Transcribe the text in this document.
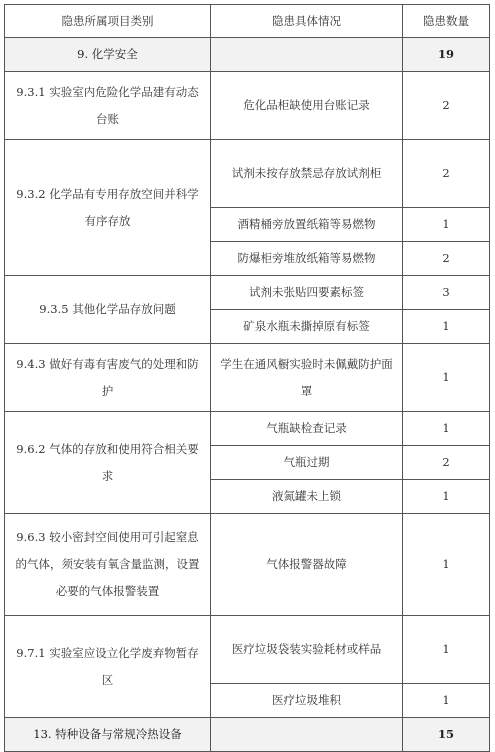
隐患所属项目类别	隐患具体情况	隐患数量
9. 化学安全		19
9.3.1 实验室内危险化学品建有动态台账	危化品柜缺使用台账记录	2
9.3.2 化学品有专用存放空间并科学有序存放	试剂未按存放禁忌存放试剂柜	2
	酒精桶旁放置纸箱等易燃物	1
	防爆柜旁堆放纸箱等易燃物	2
9.3.5 其他化学品存放问题	试剂未张贴四要素标签	3
	矿泉水瓶未撕掉原有标签	1
9.4.3 做好有毒有害废气的处理和防护	学生在通风橱实验时未佩戴防护面罩	1
9.6.2 气体的存放和使用符合相关要求	气瓶缺检查记录	1
	气瓶过期	2
	液氮罐未上锁	1
9.6.3 较小密封空间使用可引起窒息的气体，须安装有氧含量监测，设置必要的气体报警装置	气体报警器故障	1
9.7.1 实验室应设立化学废弃物暂存区	医疗垃圾袋装实验耗材或样品	1
	医疗垃圾堆积	1
13. 特种设备与常规冷热设备		15
